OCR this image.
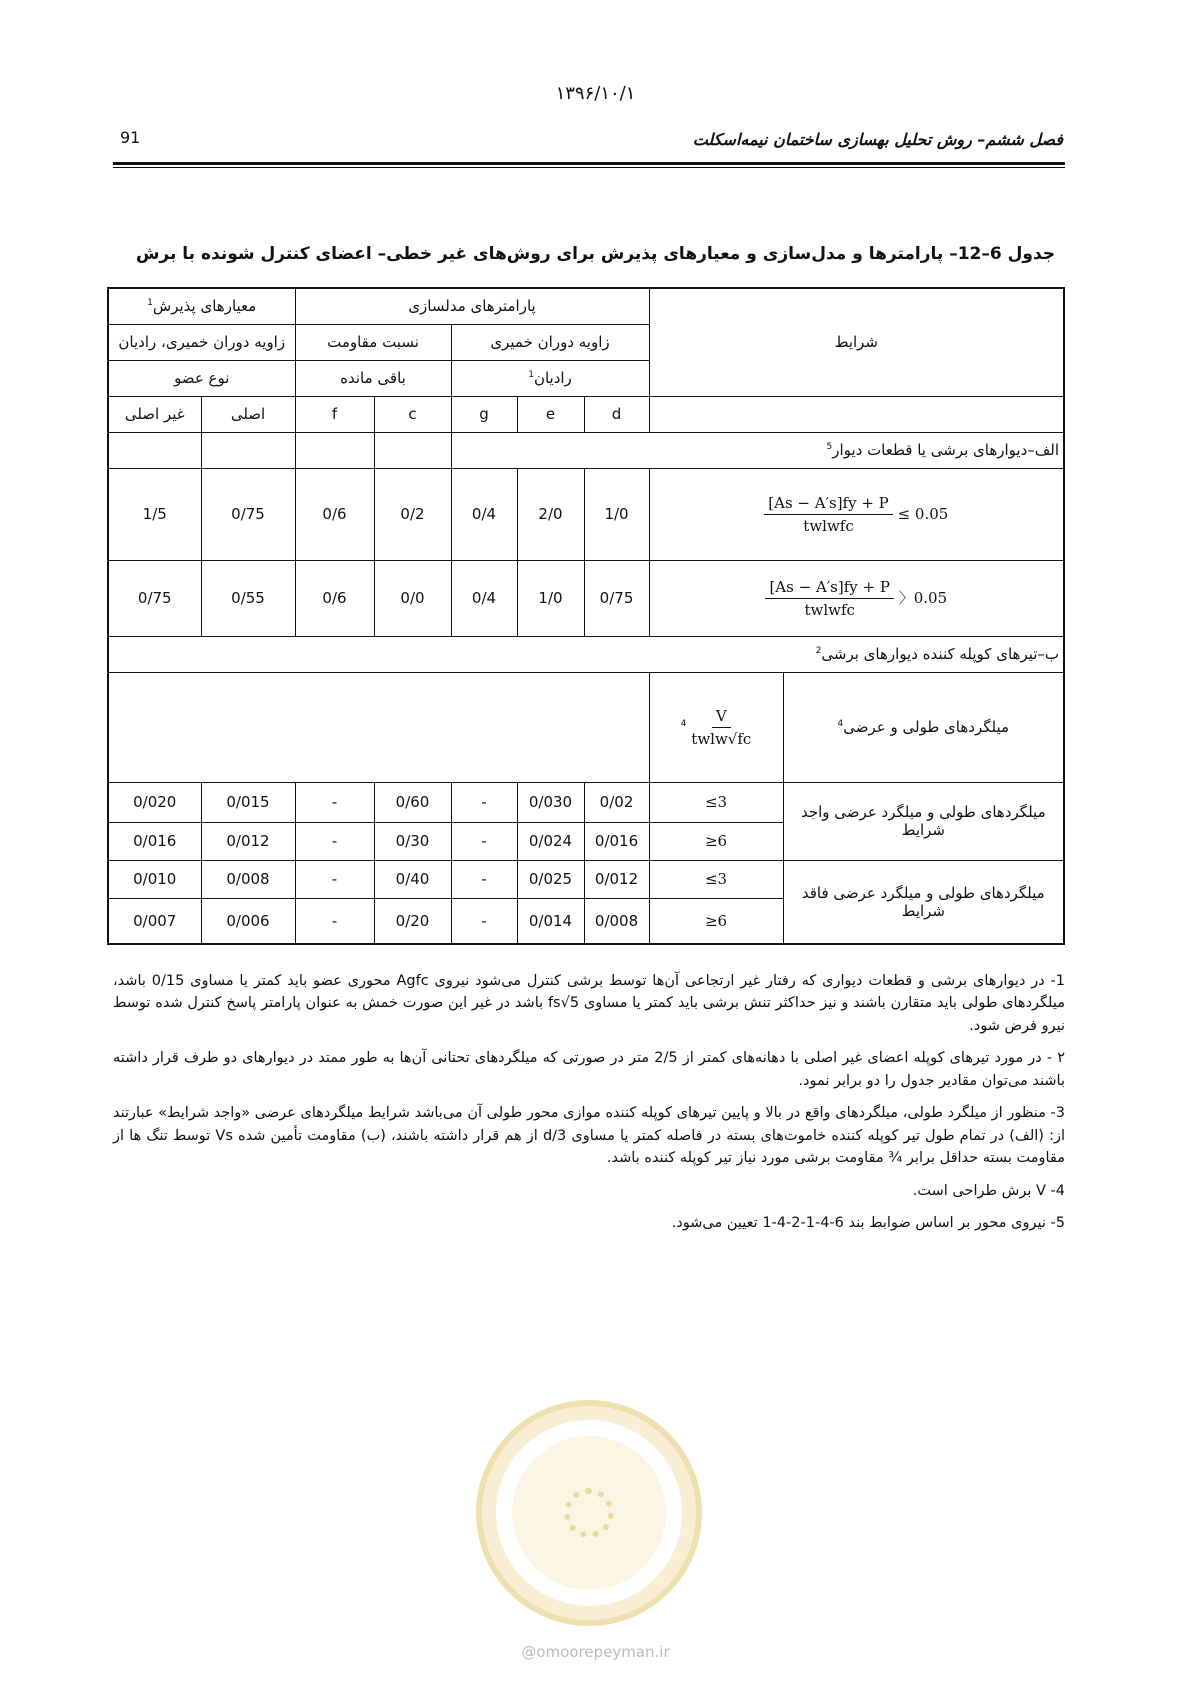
۱۳۹۶/۱۰/۱
91	فصل ششم– روش تحلیل بهسازی ساختمان نیمه‌اسکلت
جدول 6–12– پارامترها و مدل‌سازی و معیارهای پذیرش برای روش‌های غیر خطی– اعضای کنترل شونده با برش
معیارهای پذیرش$^1$		پارامترهای مدلسازی					شرایط	
زاویه دوران خمیری، رادیان		نسبت مقاومت		زاویه دوران خمیری				
نوع عضو		باقی مانده		رادیان$^1$
غیر اصلی	اصلی	f	c	g	e	d		
				الف–دیوارهای برشی یا قطعات دیوار$^5$
1/5	0/75	0/6	0/2	0/4	2/0	1/0	$\frac{[As - A's]fy + P}{\text{twlwfc}} \le 0.05$	
0/75	0/55	0/6	0/0	0/4	1/0	0/75	$\frac{[As - A's]fy + P}{\text{twlwfc}}$ 〉0.05	
ب–تیرهای کوپله کننده دیوارهای برشی$^2$
							$^4 \frac{V}{\text{twlw√fc}}$	میلگردهای طولی و عرضی$^4$
0/020	0/015	-	0/60	-	0/030	0/02	≤3	میلگردهای طولی و میلگرد عرضی واجد شرایط
0/016	0/012	-	0/30	-	0/024	0/016	≥6	
0/010	0/008	-	0/40	-	0/025	0/012	≤3	میلگردهای طولی و میلگرد عرضی فاقد شرایط
0/007	0/006	-	0/20	-	0/014	0/008	≥6	

1- در دیوارهای برشی و قطعات دیواری که رفتار غیر ارتجاعی آن‌ها توسط برشی کنترل می‌شود نیروی Agfc محوری عضو باید کمتر یا مساوی 0/15 باشد، میلگردهای طولی باید متقارن باشند و نیز حداکثر تنش برشی باید کمتر یا مساوی 5√fs باشد در غیر این صورت خمش به عنوان پارامتر پاسخ کنترل شده توسط نیرو فرض شود.

۲ - در مورد تیرهای کوپله اعضای غیر اصلی با دهانه‌های کمتر از 2/5 متر در صورتی که میلگردهای تحتانی آن‌ها به طور ممتد در دیوارهای دو طرف قرار داشته باشند می‌توان مقادیر جدول را دو برابر نمود.

3- منظور از میلگرد طولی، میلگردهای واقع در بالا و پایین تیرهای کوپله کننده موازی محور طولی آن می‌باشد شرایط میلگردهای عرضی «واجد شرایط» عبارتند از: (الف) در تمام طول تیر کوپله کننده خاموت‌های بسته در فاصله کمتر یا مساوی d/3 از هم قرار داشته باشند، (ب) مقاومت تأمین شده Vs توسط تنگ ها از مقاومت بسته حداقل برابر ¾ مقاومت برشی مورد نیاز تیر کوپله کننده باشد.

4- V برش طراحی است.

5- نیروی محور بر اساس ضوابط بند 6-4-1-2-4-1 تعیین می‌شود.

@omoorepeyman.ir
